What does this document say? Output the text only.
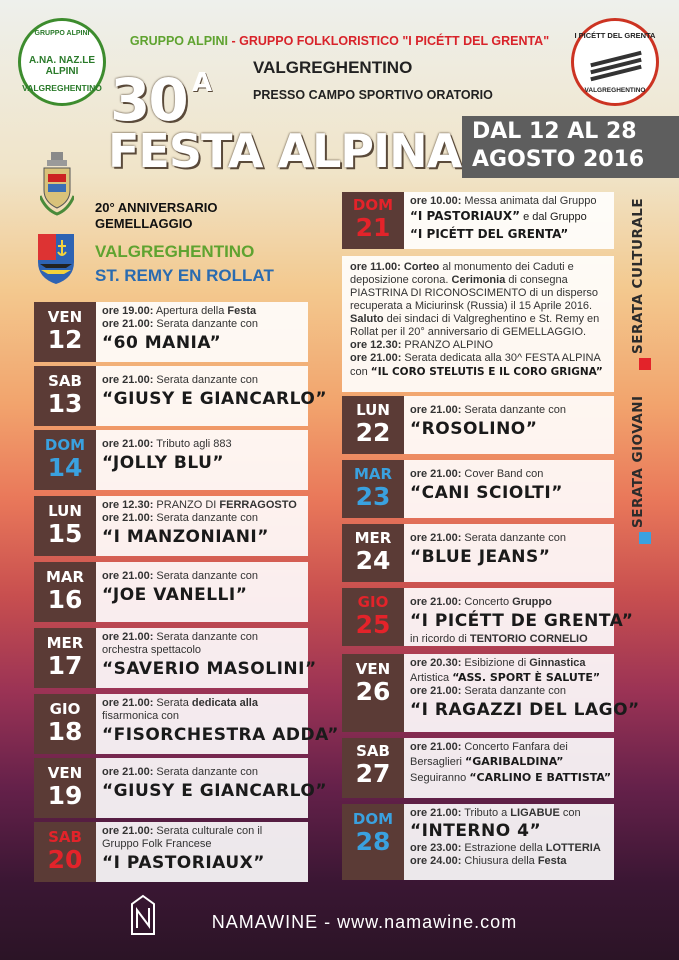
GRUPPO ALPINI
A.NA. NAZ.LE ALPINI
VALGREGHENTINO
GRUPPO ALPINI - GRUPPO FOLKLORISTICO "I PICÉTT DEL GRENTA"	I PICÉTT DEL GRENTA
VALGREGHENTINO
30 A
FESTA ALPINA
VALGREGHENTINO
PRESSO CAMPO SPORTIVO ORATORIO
DAL 12 AL 28
AGOSTO 2016
20° ANNIVERSARIO
GEMELLAGGIO
VALGREGHENTINO
ST. REMY EN ROLLAT
DOM
21
ore 10.00: Messa animata dal Gruppo
“I PASTORIAUX” e dal Gruppo
“I PICÉTT DEL GRENTA”
ore 11.00: Corteo al monumento dei Caduti e deposizione corona. Cerimonia di consegna PIASTRINA DI RICONOSCIMENTO di un disperso recuperata a Miciurinsk (Russia) il 15 Aprile 2016. Saluto dei sindaci di Valgreghentino e St. Remy en Rollat per il 20° anniversario di GEMELLAGGIO.
ore 12.30: PRANZO ALPINO
ore 21.00: Serata dedicata alla 30^ FESTA ALPINA
con “IL CORO STELUTIS E IL CORO GRIGNA”
VEN
12
ore 19.00: Apertura della Festa
ore 21.00: Serata danzante con
“60 MANIA”
SAB
13
ore 21.00: Serata danzante con
“GIUSY E GIANCARLO”
DOM
14
ore 21.00: Tributo agli 883
“JOLLY BLU”
LUN
15
ore 12.30: PRANZO DI FERRAGOSTO
ore 21.00: Serata danzante con
“I MANZONIANI”
MAR
16
ore 21.00: Serata danzante con
“JOE VANELLI”
MER
17
ore 21.00: Serata danzante con
orchestra spettacolo
“SAVERIO MASOLINI”
GIO
18
ore 21.00: Serata dedicata alla
fisarmonica con
“FISORCHESTRA ADDA”
VEN
19
ore 21.00: Serata danzante con
“GIUSY E GIANCARLO”
SAB
20
ore 21.00: Serata culturale con il
Gruppo Folk Francese
“I PASTORIAUX”
LUN
22
ore 21.00: Serata danzante con
“ROSOLINO”
MAR
23
ore 21.00: Cover Band con
“CANI SCIOLTI”
MER
24
ore 21.00: Serata danzante con
“BLUE JEANS”
GIO
25
ore 21.00: Concerto Gruppo
“I PICÉTT DE GRENTA”
in ricordo di TENTORIO CORNELIO
VEN
26
ore 20.30: Esibizione di Ginnastica
Artistica “ASS. SPORT È SALUTE”
ore 21.00: Serata danzante con
“I RAGAZZI DEL LAGO”
SAB
27
ore 21.00: Concerto Fanfara dei
Bersaglieri “GARIBALDINA”
Seguiranno “CARLINO E BATTISTA”
DOM
28
ore 21.00: Tributo a LIGABUE con
“INTERNO 4”
ore 23.00: Estrazione della LOTTERIA
ore 24.00: Chiusura della Festa
SERATA CULTURALE
SERATA GIOVANI
NAMAWINE - www.namawine.com
